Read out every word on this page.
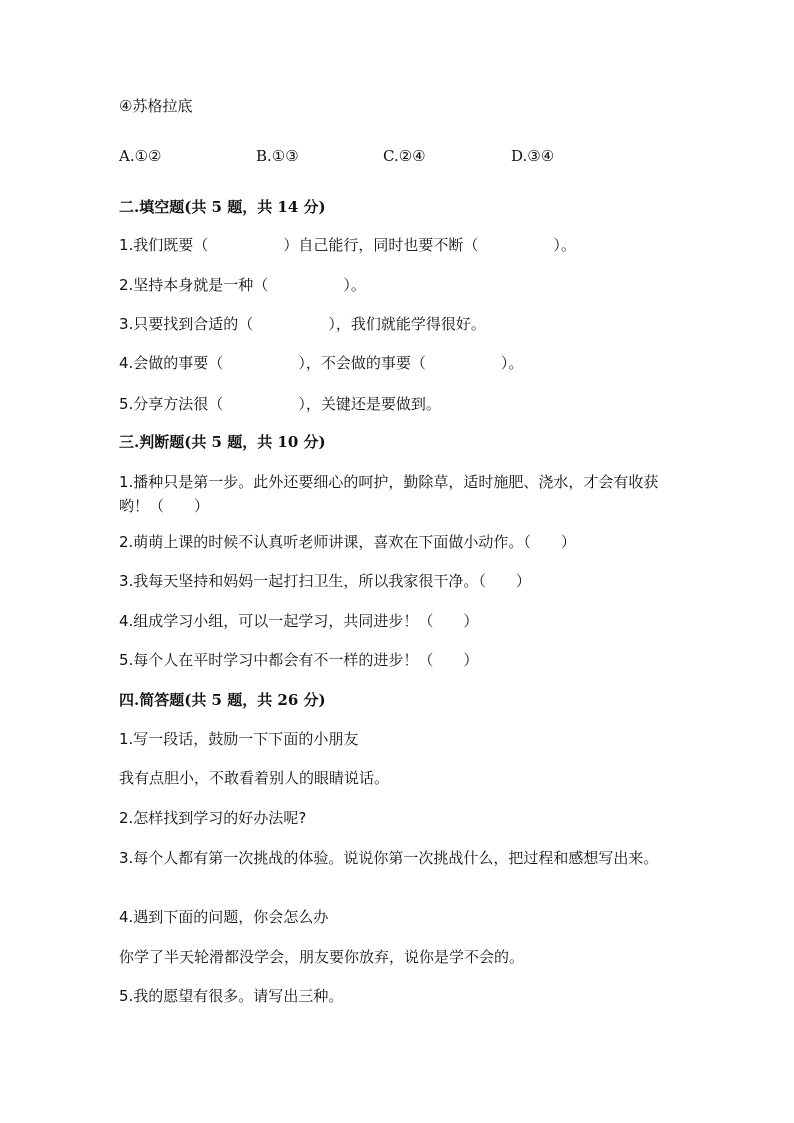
④苏格拉底
A.①②	B.①③	C.②④	D.③④
二.填空题(共 5 题，共 14 分)
1.我们既要（　　　　　）自己能行，同时也要不断（　　　　　）。
2.坚持本身就是一种（　　　　　）。
3.只要找到合适的（　　　　　），我们就能学得很好。
4.会做的事要（　　　　　），不会做的事要（　　　　　）。
5.分享方法很（　　　　　），关键还是要做到。
三.判断题(共 5 题，共 10 分)
1.播种只是第一步。此外还要细心的呵护，勤除草，适时施肥、浇水，才会有收获哟！（　　）
2.萌萌上课的时候不认真听老师讲课，喜欢在下面做小动作。（　　）
3.我每天坚持和妈妈一起打扫卫生，所以我家很干净。（　　）
4.组成学习小组，可以一起学习，共同进步！（　　）
5.每个人在平时学习中都会有不一样的进步！（　　）
四.简答题(共 5 题，共 26 分)
1.写一段话，鼓励一下下面的小朋友
我有点胆小，不敢看着别人的眼睛说话。
2.怎样找到学习的好办法呢?
3.每个人都有第一次挑战的体验。说说你第一次挑战什么，把过程和感想写出来。
4.遇到下面的问题，你会怎么办
你学了半天轮滑都没学会，朋友要你放弃，说你是学不会的。
5.我的愿望有很多。请写出三种。
